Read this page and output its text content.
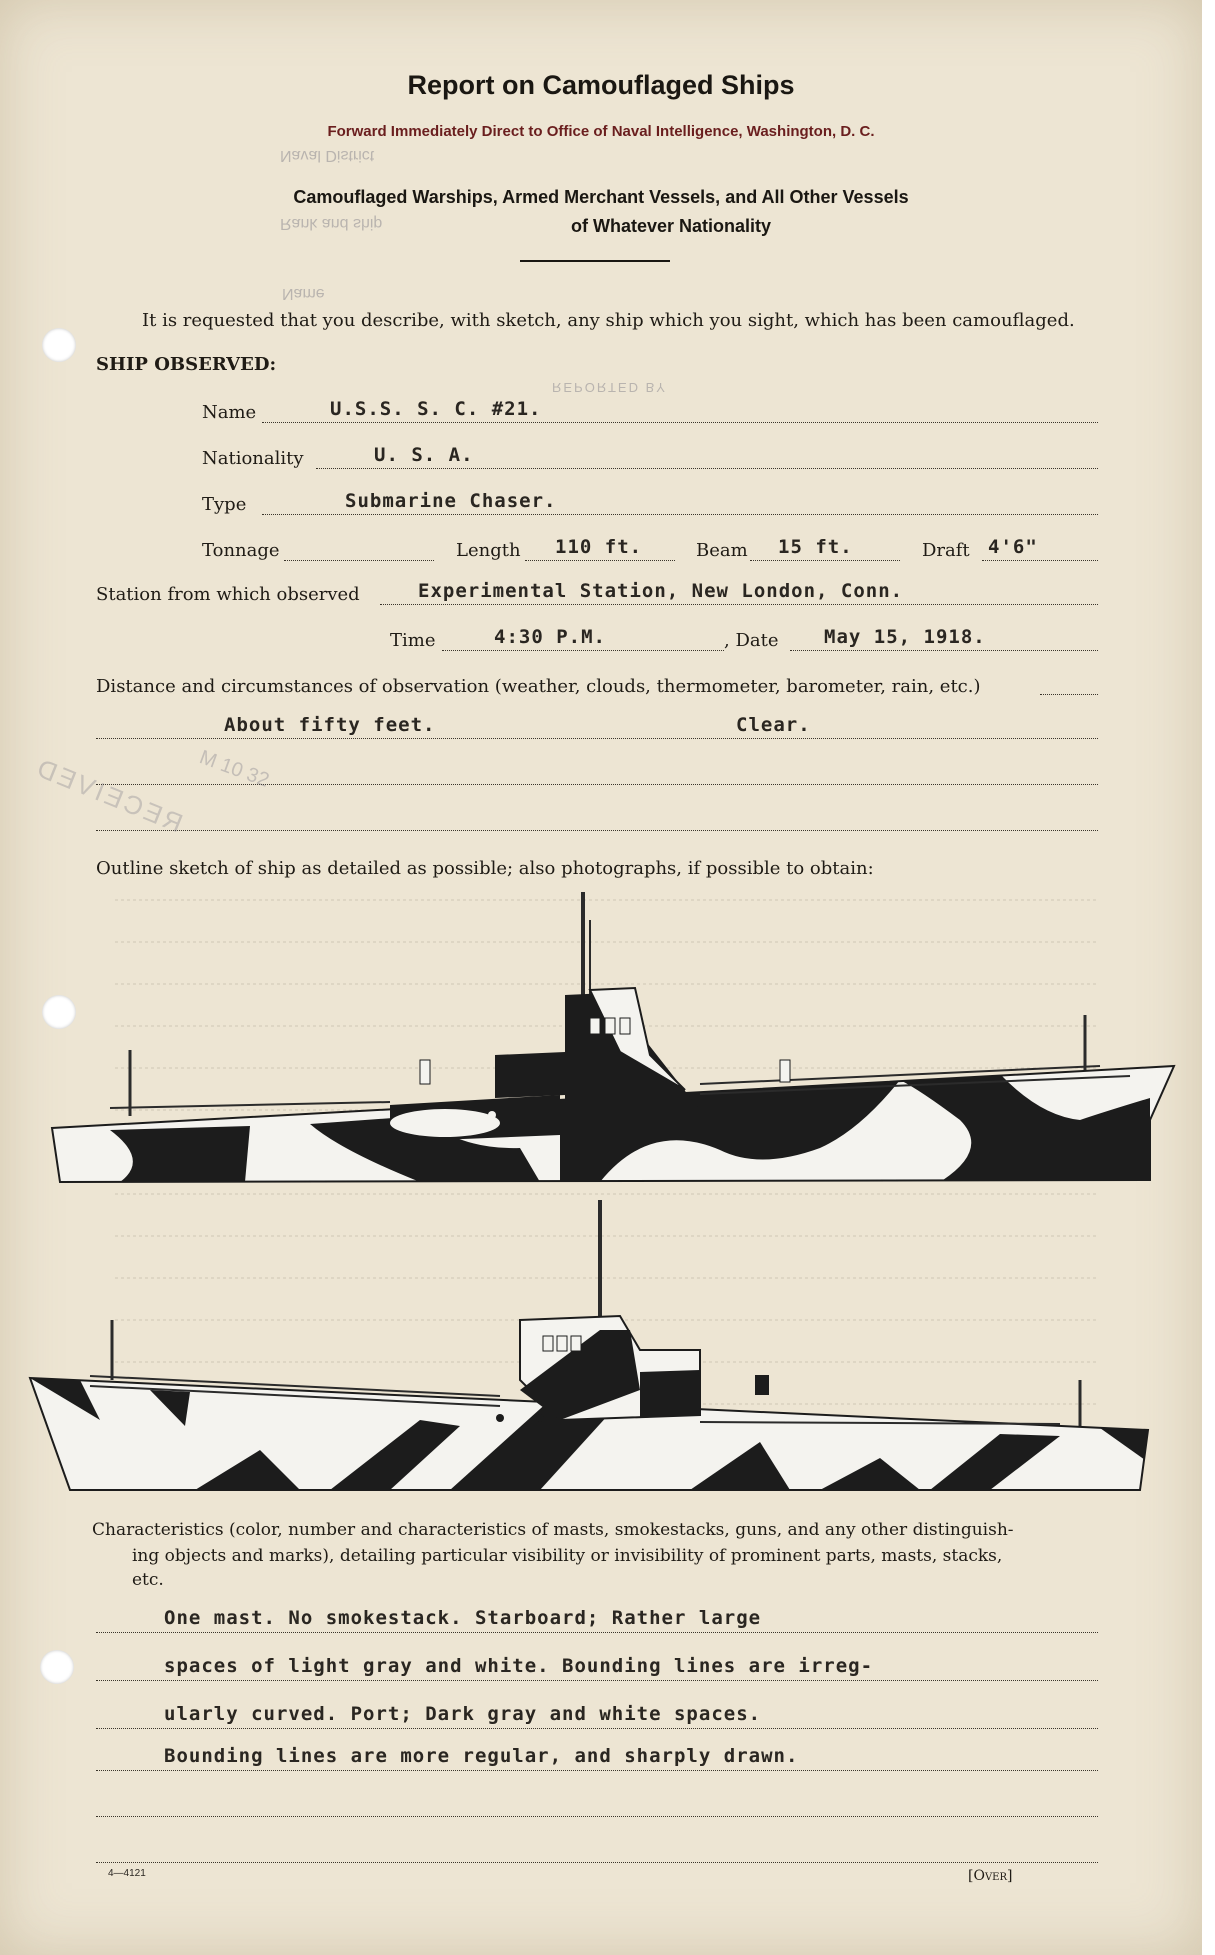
Report on Camouflaged Ships
Forward Immediately Direct to Office of Naval Intelligence, Washington, D. C.
Naval District
Camouflaged Warships, Armed Merchant Vessels, and All Other Vessels
Rank and ship	of Whatever Nationality
Name
It is requested that you describe, with sketch, any ship which you sight, which has been camouflaged.
SHIP OBSERVED:
REPORTED BY
Name	U.S.S. S. C. #21.
Nationality	U. S. A.
Type	Submarine Chaser.
Tonnage	Length 110 ft.	Beam 15 ft.	Draft 4'6"
Station from which observed	Experimental Station, New London, Conn.
Time	4:30 P.M.	, Date May 15, 1918.
Distance and circumstances of observation (weather, clouds, thermometer, barometer, rain, etc.)
About fifty feet.	Clear.
RECEIVED M 10 32
Outline sketch of ship as detailed as possible; also photographs, if possible to obtain:
Characteristics (color, number and characteristics of masts, smokestacks, guns, and any other distinguish-
ing objects and marks), detailing particular visibility or invisibility of prominent parts, masts, stacks,
etc.
One mast. No smokestack. Starboard; Rather large
spaces of light gray and white. Bounding lines are irreg-
ularly curved. Port; Dark gray and white spaces.
Bounding lines are more regular, and sharply drawn.
4—4121	[Over]
